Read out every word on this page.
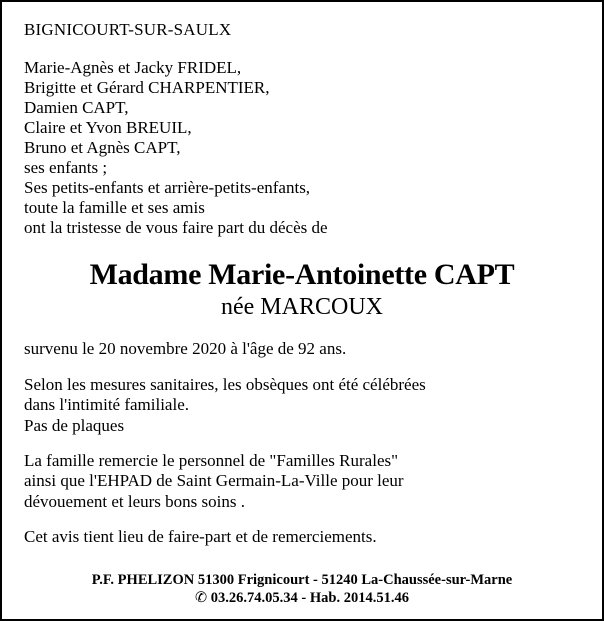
BIGNICOURT-SUR-SAULX
Marie-Agnès et Jacky FRIDEL,
Brigitte et Gérard CHARPENTIER,
Damien CAPT,
Claire et Yvon BREUIL,
Bruno et Agnès CAPT,
ses enfants ;
Ses petits-enfants et arrière-petits-enfants,
toute la famille et ses amis
ont la tristesse de vous faire part du décès de
Madame Marie-Antoinette CAPT
née MARCOUX
survenu le 20 novembre 2020 à l'âge de 92 ans.
Selon les mesures sanitaires, les obsèques ont été célébrées
dans l'intimité familiale.
Pas de plaques
La famille remercie le personnel de "Familles Rurales"
ainsi que l'EHPAD de Saint Germain-La-Ville pour leur
dévouement et leurs bons soins .
Cet avis tient lieu de faire-part et de remerciements.
P.F. PHELIZON 51300 Frignicourt - 51240 La-Chaussée-sur-Marne
✆ 03.26.74.05.34 - Hab. 2014.51.46
